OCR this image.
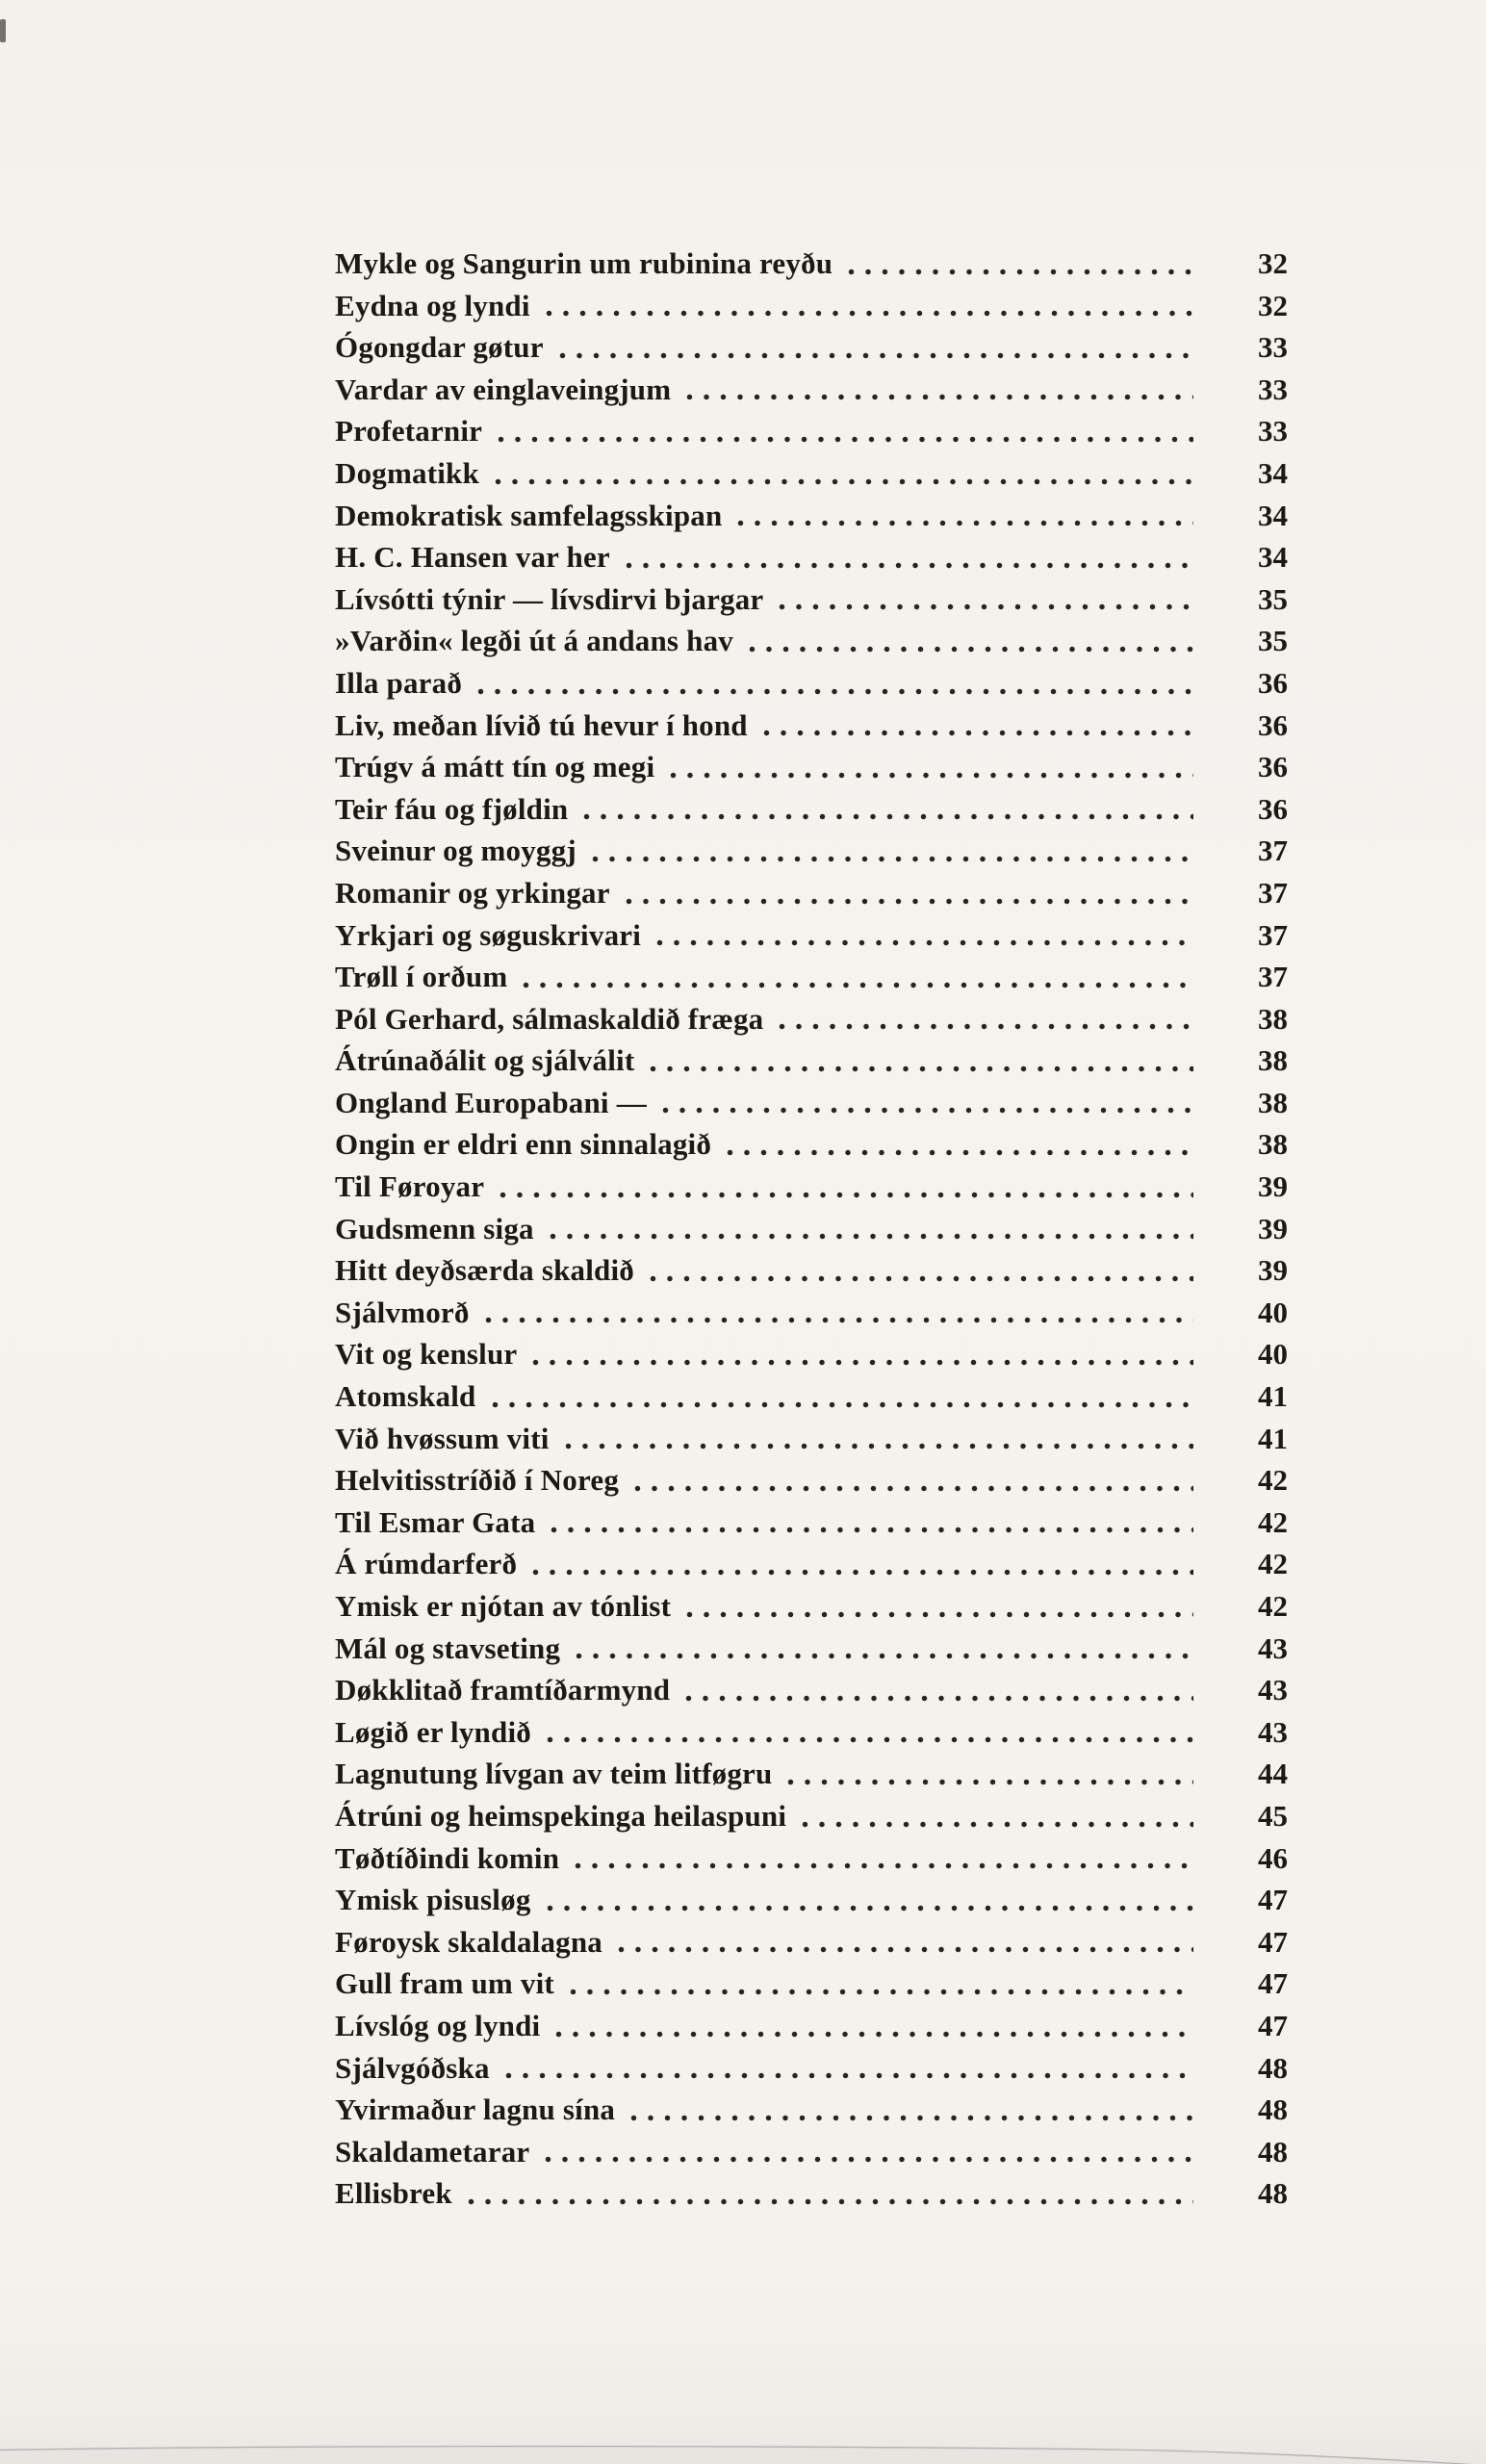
Mykle og Sangurin um rubinina reyðu	32
Eydna og lyndi	32
Ógongdar gøtur	33
Vardar av einglaveingjum	33
Profetarnir	33
Dogmatikk	34
Demokratisk samfelagsskipan	34
H. C. Hansen var her	34
Lívsótti týnir — lívsdirvi bjargar	35
»Varðin« legði út á andans hav	35
Illa parað	36
Liv, meðan lívið tú hevur í hond	36
Trúgv á mátt tín og megi	36
Teir fáu og fjøldin	36
Sveinur og moyggj	37
Romanir og yrkingar	37
Yrkjari og søguskrivari	37
Trøll í orðum	37
Pól Gerhard, sálmaskaldið fræga	38
Átrúnaðálit og sjálválit	38
Ongland Europabani —	38
Ongin er eldri enn sinnalagið	38
Til Føroyar	39
Gudsmenn siga	39
Hitt deyðsærda skaldið	39
Sjálvmorð	40
Vit og kenslur	40
Atomskald	41
Við hvøssum viti	41
Helvitisstríðið í Noreg	42
Til Esmar Gata	42
Á rúmdarferð	42
Ymisk er njótan av tónlist	42
Mál og stavseting	43
Døkklitað framtíðarmynd	43
Løgið er lyndið	43
Lagnutung lívgan av teim litføgru	44
Átrúni og heimspekinga heilaspuni	45
Tøðtíðindi komin	46
Ymisk pisusløg	47
Føroysk skaldalagna	47
Gull fram um vit	47
Lívslóg og lyndi	47
Sjálvgóðska	48
Yvirmaður lagnu sína	48
Skaldametarar	48
Ellisbrek	48
